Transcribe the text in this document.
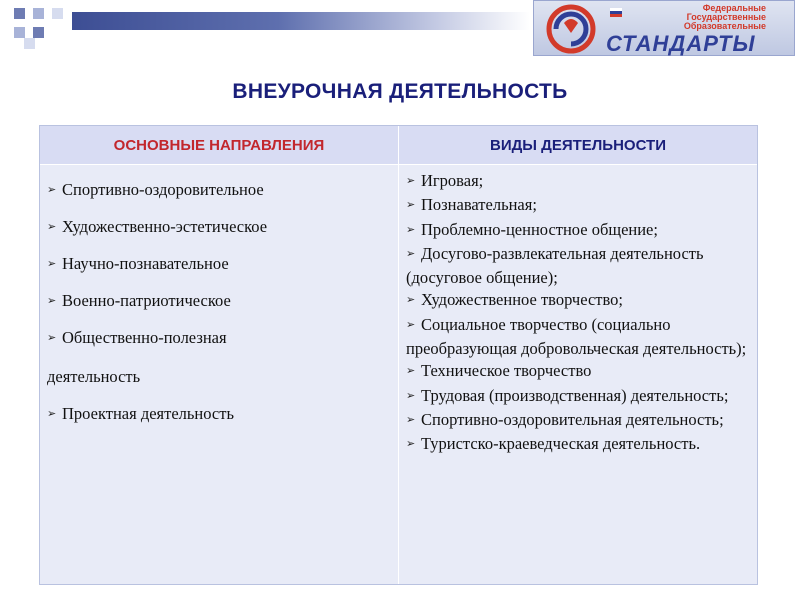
Федеральные
Государственные
Образовательные
СТАНДАРТЫ
ВНЕУРОЧНАЯ ДЕЯТЕЛЬНОСТЬ
ОСНОВНЫЕ НАПРАВЛЕНИЯ	ВИДЫ ДЕЯТЕЛЬНОСТИ
➢ Спортивно-оздоровительное
➢ Художественно-эстетическое
➢ Научно-познавательное
➢ Военно-патриотическое
➢ Общественно-полезная деятельность
➢ Проектная деятельность
➢ Игровая;
➢ Познавательная;
➢ Проблемно-ценностное общение;
➢ Досугово-развлекательная деятельность (досуговое общение);
➢ Художественное творчество;
➢ Социальное творчество (социально преобразующая добровольческая деятельность);
➢ Техническое творчество
➢ Трудовая (производственная) деятельность;
➢ Спортивно-оздоровительная деятельность;
➢ Туристско-краеведческая деятельность.
